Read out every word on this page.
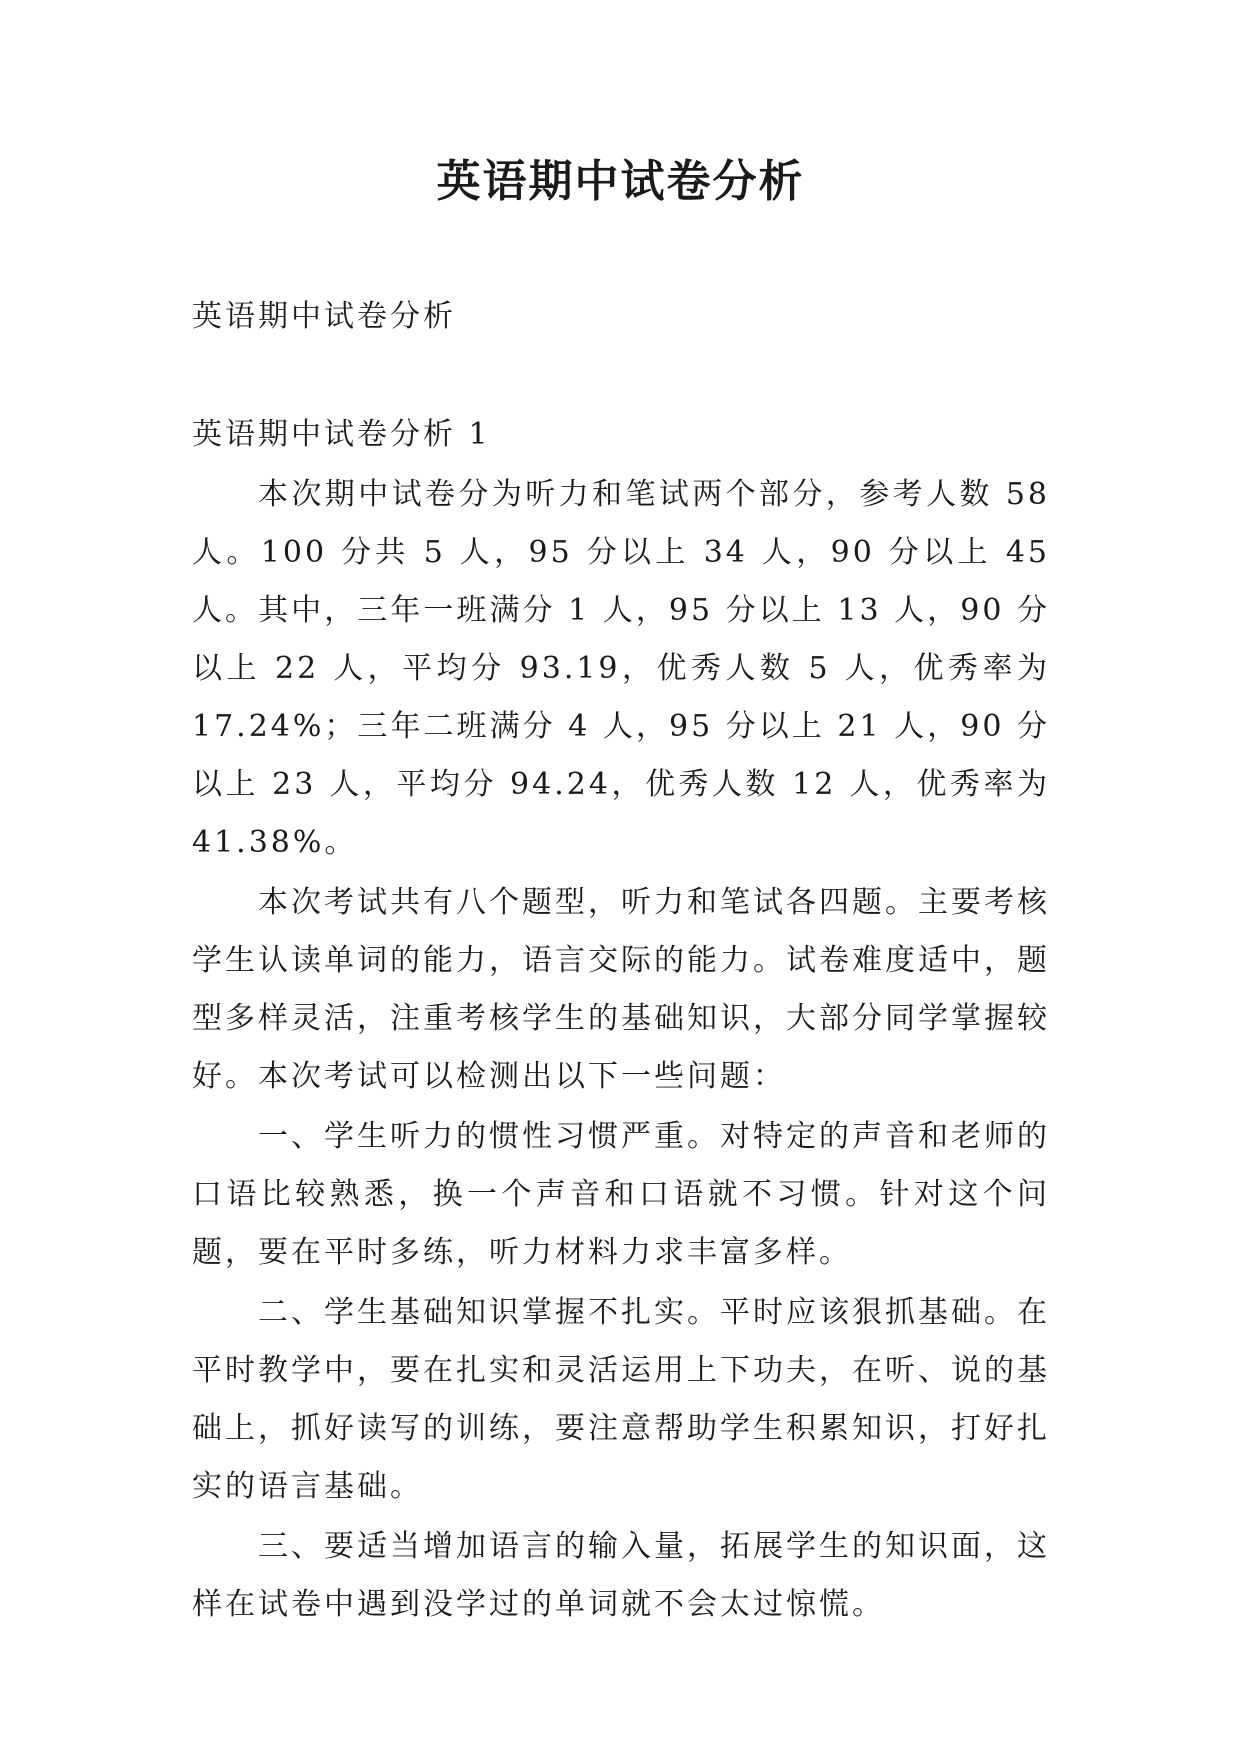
英语期中试卷分析
英语期中试卷分析
英语期中试卷分析 1

本次期中试卷分为听力和笔试两个部分，参考人数 58 人。100 分共 5 人，95 分以上 34 人，90 分以上 45 人。其中，三年一班满分 1 人，95 分以上 13 人，90 分以上 22 人，平均分 93.19，优秀人数 5 人，优秀率为 17.24%；三年二班满分 4 人，95 分以上 21 人，90 分以上 23 人，平均分 94.24，优秀人数 12 人，优秀率为 41.38%。

本次考试共有八个题型，听力和笔试各四题。主要考核学生认读单词的能力，语言交际的能力。试卷难度适中，题型多样灵活，注重考核学生的基础知识，大部分同学掌握较好。本次考试可以检测出以下一些问题：

一、学生听力的惯性习惯严重。对特定的声音和老师的口语比较熟悉，换一个声音和口语就不习惯。针对这个问题，要在平时多练，听力材料力求丰富多样。

二、学生基础知识掌握不扎实。平时应该狠抓基础。在平时教学中，要在扎实和灵活运用上下功夫，在听、说的基础上，抓好读写的训练，要注意帮助学生积累知识，打好扎实的语言基础。

三、要适当增加语言的输入量，拓展学生的知识面，这样在试卷中遇到没学过的单词就不会太过惊慌。
